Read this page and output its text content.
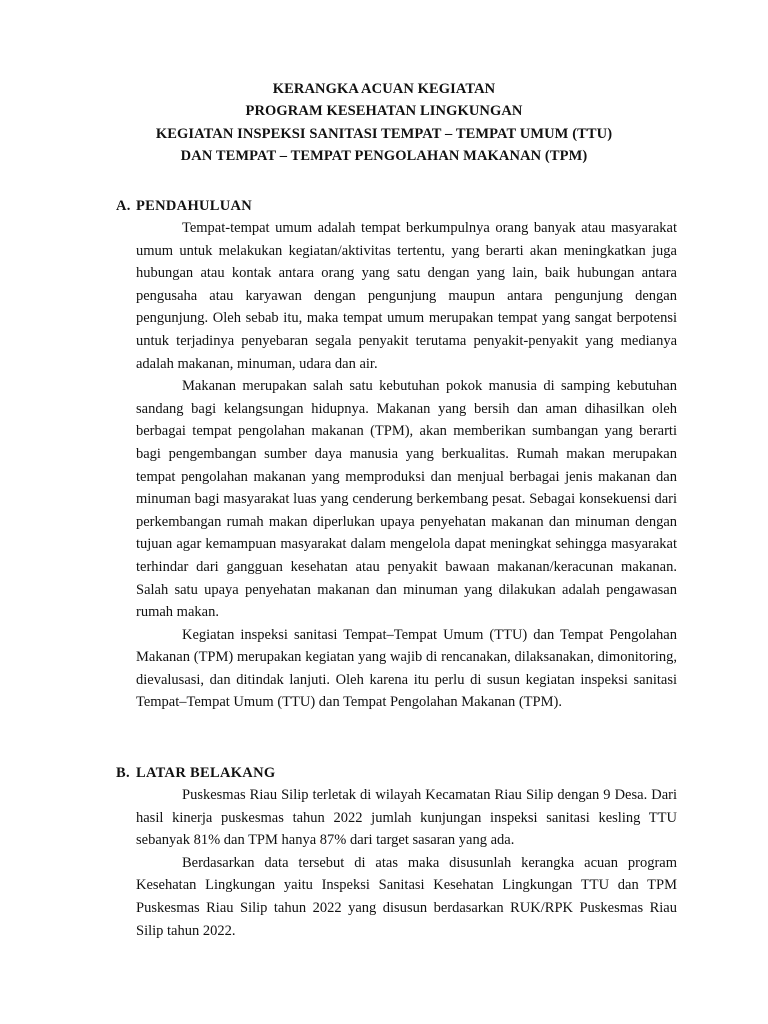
KERANGKA ACUAN KEGIATAN
PROGRAM KESEHATAN LINGKUNGAN
KEGIATAN INSPEKSI SANITASI TEMPAT – TEMPAT UMUM (TTU)
DAN TEMPAT – TEMPAT PENGOLAHAN MAKANAN (TPM)
A. PENDAHULUAN

Tempat-tempat umum adalah tempat berkumpulnya orang banyak atau masyarakat umum untuk melakukan kegiatan/aktivitas tertentu, yang berarti akan meningkatkan juga hubungan atau kontak antara orang yang satu dengan yang lain, baik hubungan antara pengusaha atau karyawan dengan pengunjung maupun antara pengunjung dengan pengunjung. Oleh sebab itu, maka tempat umum merupakan tempat yang sangat berpotensi untuk terjadinya penyebaran segala penyakit terutama penyakit-penyakit yang medianya adalah makanan, minuman, udara dan air.

Makanan merupakan salah satu kebutuhan pokok manusia di samping kebutuhan sandang bagi kelangsungan hidupnya. Makanan yang bersih dan aman dihasilkan oleh berbagai tempat pengolahan makanan (TPM), akan memberikan sumbangan yang berarti bagi pengembangan sumber daya manusia yang berkualitas. Rumah makan merupakan tempat pengolahan makanan yang memproduksi dan menjual berbagai jenis makanan dan minuman bagi masyarakat luas yang cenderung berkembang pesat. Sebagai konsekuensi dari perkembangan rumah makan diperlukan upaya penyehatan makanan dan minuman dengan tujuan agar kemampuan masyarakat dalam mengelola dapat meningkat sehingga masyarakat terhindar dari gangguan kesehatan atau penyakit bawaan makanan/keracunan makanan. Salah satu upaya penyehatan makanan dan minuman yang dilakukan adalah pengawasan rumah makan.

Kegiatan inspeksi sanitasi Tempat–Tempat Umum (TTU) dan Tempat Pengolahan Makanan (TPM) merupakan kegiatan yang wajib di rencanakan, dilaksanakan, dimonitoring, dievalusasi, dan ditindak lanjuti. Oleh karena itu perlu di susun kegiatan inspeksi sanitasi Tempat–Tempat Umum (TTU) dan Tempat Pengolahan Makanan (TPM).

B. LATAR BELAKANG

Puskesmas Riau Silip terletak di wilayah Kecamatan Riau Silip dengan 9 Desa. Dari hasil kinerja puskesmas tahun 2022 jumlah kunjungan inspeksi sanitasi kesling TTU sebanyak 81% dan TPM hanya 87% dari target sasaran yang ada.

Berdasarkan data tersebut di atas maka disusunlah kerangka acuan program Kesehatan Lingkungan yaitu Inspeksi Sanitasi Kesehatan Lingkungan TTU dan TPM Puskesmas Riau Silip tahun 2022 yang disusun berdasarkan RUK/RPK Puskesmas Riau Silip tahun 2022.
